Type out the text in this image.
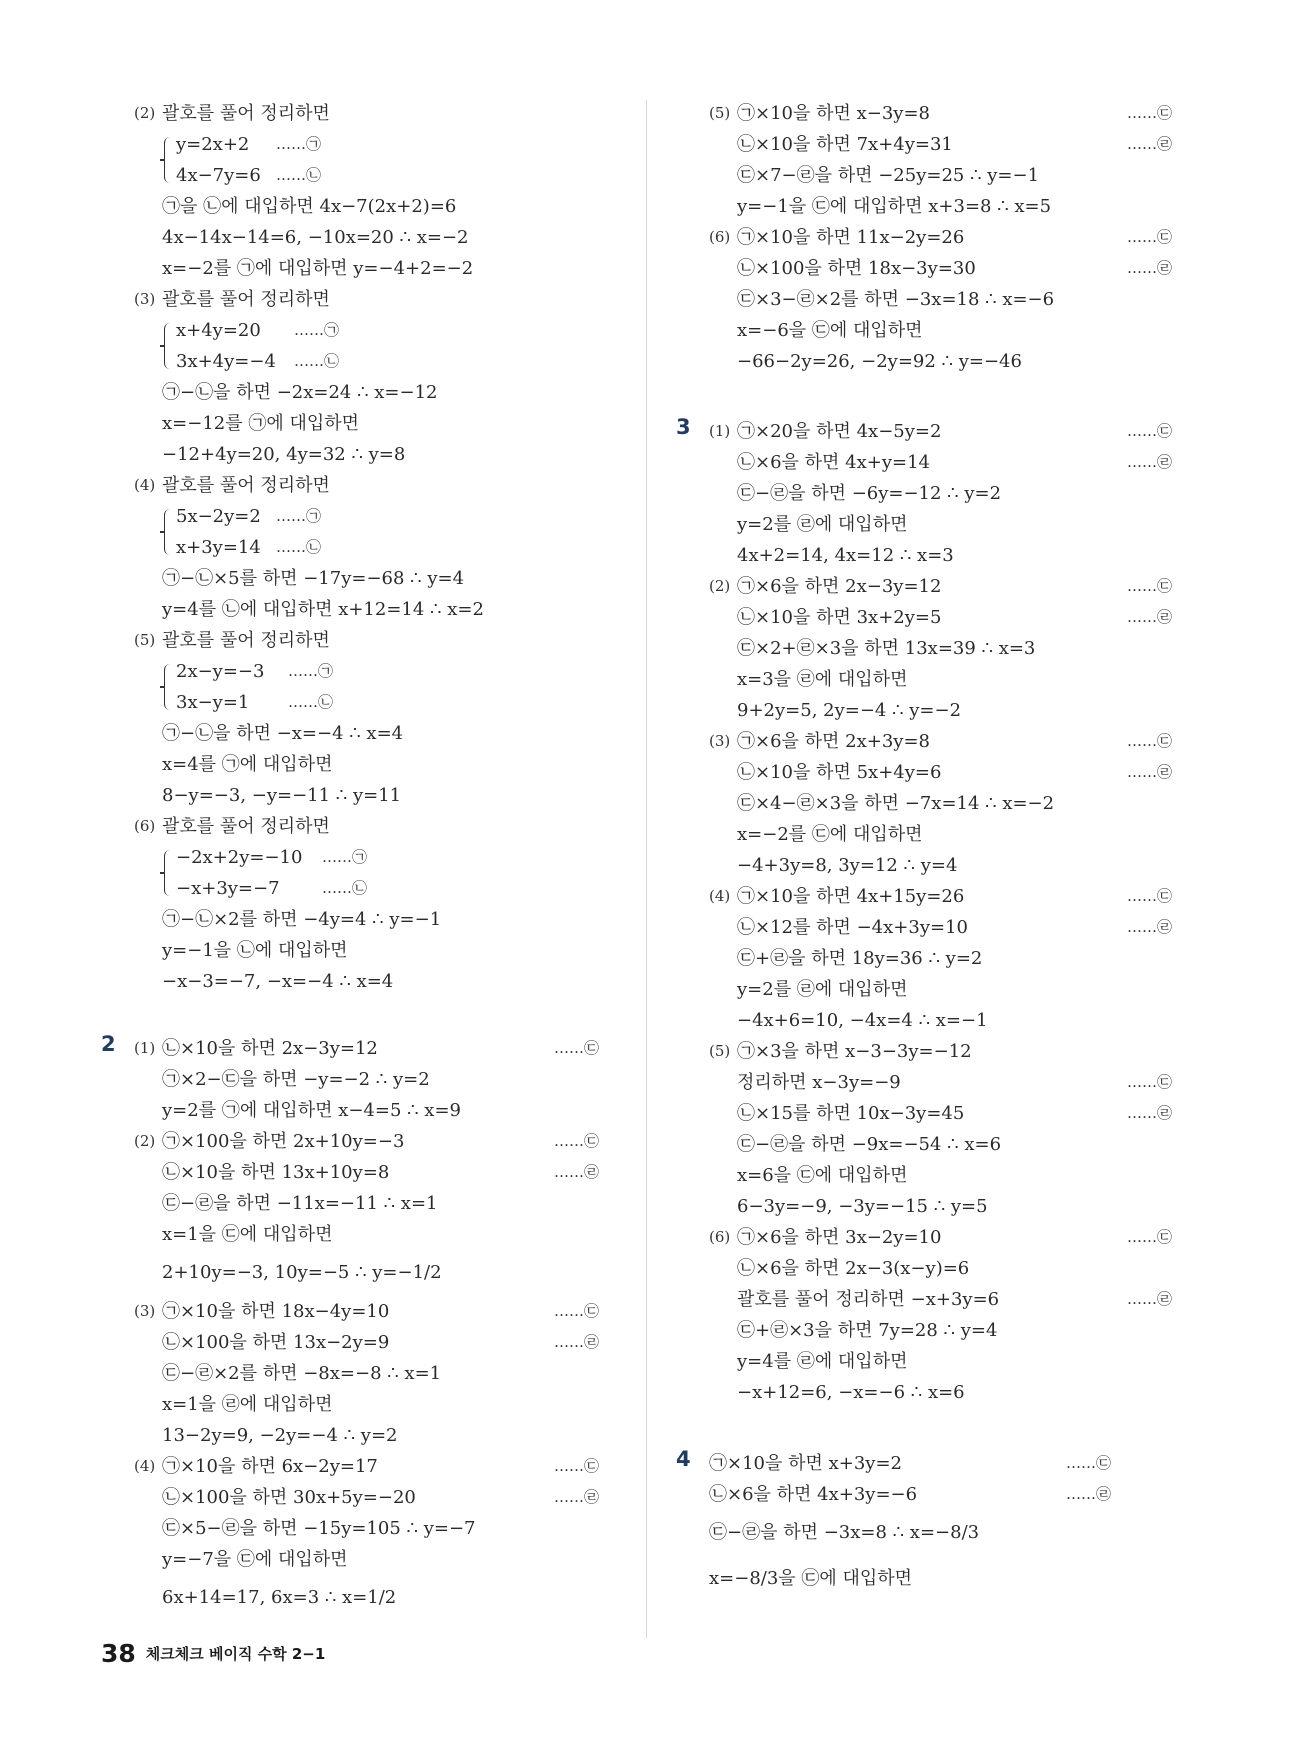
(2) 괄호를 풀어 정리하면
y=2x+2 ……㉠
4x−7y=6 ……㉡
㉠을 ㉡에 대입하면 4x−7(2x+2)=6
4x−14x−14=6, −10x=20 ∴ x=−2
x=−2를 ㉠에 대입하면 y=−4+2=−2
(3) 괄호를 풀어 정리하면
x+4y=20 ……㉠
3x+4y=−4 ……㉡
㉠−㉡을 하면 −2x=24 ∴ x=−12
x=−12를 ㉠에 대입하면
−12+4y=20, 4y=32 ∴ y=8
(4) 괄호를 풀어 정리하면
5x−2y=2 ……㉠
x+3y=14 ……㉡
㉠−㉡×5를 하면 −17y=−68 ∴ y=4
y=4를 ㉡에 대입하면 x+12=14 ∴ x=2
(5) 괄호를 풀어 정리하면
2x−y=−3 ……㉠
3x−y=1	……㉡
㉠−㉡을 하면 −x=−4 ∴ x=4
x=4를 ㉠에 대입하면
8−y=−3, −y=−11 ∴ y=11
(6) 괄호를 풀어 정리하면
−2x+2y=−10 ……㉠
−x+3y=−7	……㉡
㉠−㉡×2를 하면 −4y=4 ∴ y=−1
y=−1을 ㉡에 대입하면
−x−3=−7, −x=−4 ∴ x=4
2 (1) ㉡×10을 하면 2x−3y=12	……㉢
㉠×2−㉢을 하면 −y=−2 ∴ y=2
y=2를 ㉠에 대입하면 x−4=5 ∴ x=9
(2) ㉠×100을 하면 2x+10y=−3	……㉢
㉡×10을 하면 13x+10y=8	……㉣
㉢−㉣을 하면 −11x=−11 ∴ x=1
x=1을 ㉢에 대입하면
2+10y=−3, 10y=−5 ∴ y=−1/2
(3) ㉠×10을 하면 18x−4y=10	……㉢
㉡×100을 하면 13x−2y=9	……㉣
㉢−㉣×2를 하면 −8x=−8 ∴ x=1
x=1을 ㉣에 대입하면
13−2y=9, −2y=−4 ∴ y=2
(4) ㉠×10을 하면 6x−2y=17	……㉢
㉡×100을 하면 30x+5y=−20	……㉣
㉢×5−㉣을 하면 −15y=105 ∴ y=−7
y=−7을 ㉢에 대입하면
6x+14=17, 6x=3 ∴ x=1/2
(5) ㉠×10을 하면 x−3y=8	……㉢
㉡×10을 하면 7x+4y=31	……㉣
㉢×7−㉣을 하면 −25y=25 ∴ y=−1
y=−1을 ㉢에 대입하면 x+3=8 ∴ x=5
(6) ㉠×10을 하면 11x−2y=26	……㉢
㉡×100을 하면 18x−3y=30	……㉣
㉢×3−㉣×2를 하면 −3x=18 ∴ x=−6
x=−6을 ㉢에 대입하면
−66−2y=26, −2y=92 ∴ y=−46
3 (1) ㉠×20을 하면 4x−5y=2	……㉢
㉡×6을 하면 4x+y=14	……㉣
㉢−㉣을 하면 −6y=−12 ∴ y=2
y=2를 ㉣에 대입하면
4x+2=14, 4x=12 ∴ x=3
(2) ㉠×6을 하면 2x−3y=12	……㉢
㉡×10을 하면 3x+2y=5	……㉣
㉢×2+㉣×3을 하면 13x=39 ∴ x=3
x=3을 ㉣에 대입하면
9+2y=5, 2y=−4 ∴ y=−2
(3) ㉠×6을 하면 2x+3y=8	……㉢
㉡×10을 하면 5x+4y=6	……㉣
㉢×4−㉣×3을 하면 −7x=14 ∴ x=−2
x=−2를 ㉢에 대입하면
−4+3y=8, 3y=12 ∴ y=4
(4) ㉠×10을 하면 4x+15y=26	……㉢
㉡×12를 하면 −4x+3y=10	……㉣
㉢+㉣을 하면 18y=36 ∴ y=2
y=2를 ㉣에 대입하면
−4x+6=10, −4x=4 ∴ x=−1
(5) ㉠×3을 하면 x−3−3y=−12
정리하면 x−3y=−9	……㉢
㉡×15를 하면 10x−3y=45	……㉣
㉢−㉣을 하면 −9x=−54 ∴ x=6
x=6을 ㉢에 대입하면
6−3y=−9, −3y=−15 ∴ y=5
(6) ㉠×6을 하면 3x−2y=10	……㉢
㉡×6을 하면 2x−3(x−y)=6
괄호를 풀어 정리하면 −x+3y=6	……㉣
㉢+㉣×3을 하면 7y=28 ∴ y=4
y=4를 ㉣에 대입하면
−x+12=6, −x=−6 ∴ x=6
4 ㉠×10을 하면 x+3y=2	……㉢
㉡×6을 하면 4x+3y=−6	……㉣
㉢−㉣을 하면 −3x=8 ∴ x=−8/3
x=−8/3을 ㉢에 대입하면
38 체크체크 베이직 수학 2−1
